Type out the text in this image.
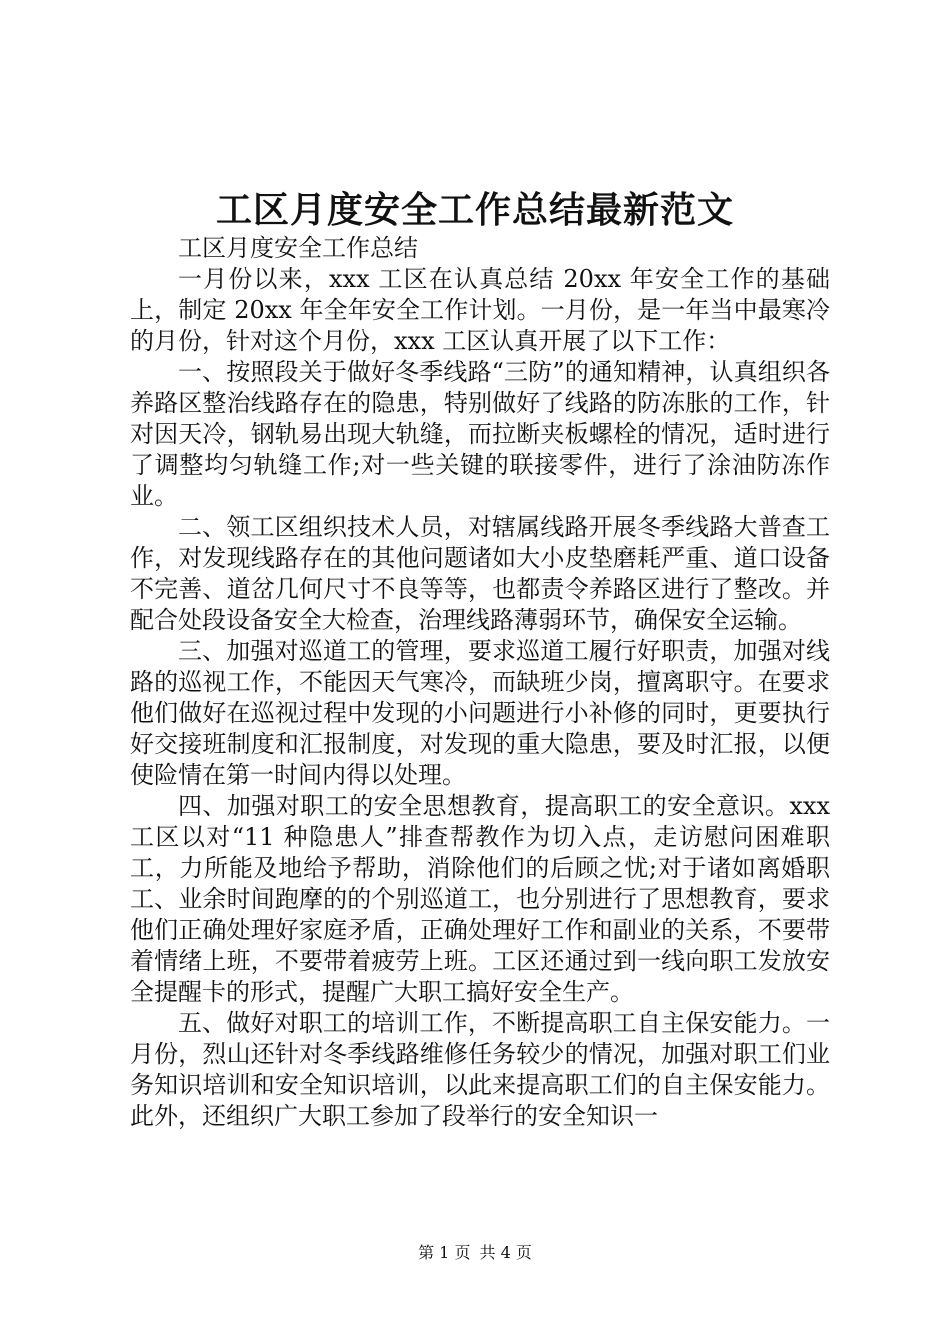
工区月度安全工作总结最新范文

工区月度安全工作总结

一月份以来，xxx 工区在认真总结 20xx 年安全工作的基础上，制定 20xx 年全年安全工作计划。一月份，是一年当中最寒冷的月份，针对这个月份，xxx 工区认真开展了以下工作：

一、按照段关于做好冬季线路“三防”的通知精神，认真组织各养路区整治线路存在的隐患，特别做好了线路的防冻胀的工作，针对因天冷，钢轨易出现大轨缝，而拉断夹板螺栓的情况，适时进行了调整均匀轨缝工作;对一些关键的联接零件，进行了涂油防冻作业。

二、领工区组织技术人员，对辖属线路开展冬季线路大普查工作，对发现线路存在的其他问题诸如大小皮垫磨耗严重、道口设备不完善、道岔几何尺寸不良等等，也都责令养路区进行了整改。并配合处段设备安全大检查，治理线路薄弱环节，确保安全运输。

三、加强对巡道工的管理，要求巡道工履行好职责，加强对线路的巡视工作，不能因天气寒冷，而缺班少岗，擅离职守。在要求他们做好在巡视过程中发现的小问题进行小补修的同时，更要执行好交接班制度和汇报制度，对发现的重大隐患，要及时汇报，以便使险情在第一时间内得以处理。

四、加强对职工的安全思想教育，提高职工的安全意识。xxx 工区以对“11 种隐患人”排查帮教作为切入点，走访慰问困难职工，力所能及地给予帮助，消除他们的后顾之忧;对于诸如离婚职工、业余时间跑摩的的个别巡道工，也分别进行了思想教育，要求他们正确处理好家庭矛盾，正确处理好工作和副业的关系，不要带着情绪上班，不要带着疲劳上班。工区还通过到一线向职工发放安全提醒卡的形式，提醒广大职工搞好安全生产。

五、做好对职工的培训工作，不断提高职工自主保安能力。一月份，烈山还针对冬季线路维修任务较少的情况，加强对职工们业务知识培训和安全知识培训，以此来提高职工们的自主保安能力。此外，还组织广大职工参加了段举行的安全知识一

第 1 页 共 4 页
